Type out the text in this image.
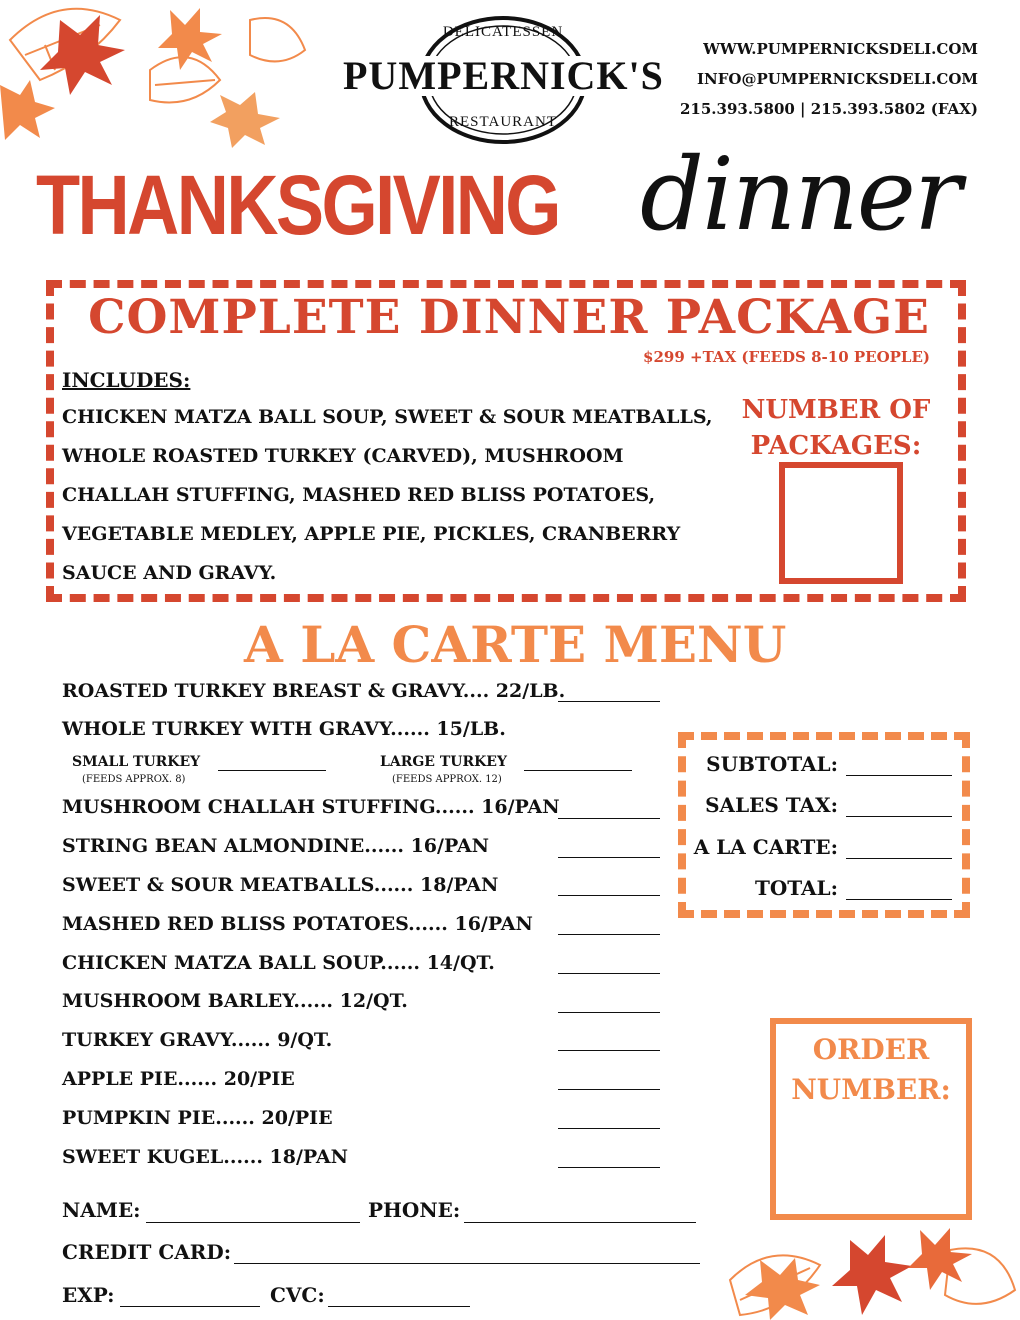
DELICATESSEN
PUMPERNICK'S
RESTAURANT
WWW.PUMPERNICKSDELI.COM
INFO@PUMPERNICKSDELI.COM
215.393.5800 | 215.393.5802 (FAX)
THANKSGIVING dinner
COMPLETE DINNER PACKAGE
$299 +TAX (FEEDS 8-10 PEOPLE)
INCLUDES:
CHICKEN MATZA BALL SOUP, SWEET & SOUR MEATBALLS, WHOLE ROASTED TURKEY (CARVED), MUSHROOM CHALLAH STUFFING, MASHED RED BLISS POTATOES, VEGETABLE MEDLEY, APPLE PIE, PICKLES, CRANBERRY SAUCE AND GRAVY.
NUMBER OF PACKAGES:
A LA CARTE MENU
ROASTED TURKEY BREAST & GRAVY.... 22/LB.
WHOLE TURKEY WITH GRAVY...... 15/LB.
SMALL TURKEY
(FEEDS APPROX. 8)
LARGE TURKEY
(FEEDS APPROX. 12)
MUSHROOM CHALLAH STUFFING...... 16/PAN
STRING BEAN ALMONDINE...... 16/PAN
SWEET & SOUR MEATBALLS...... 18/PAN
MASHED RED BLISS POTATOES...... 16/PAN
CHICKEN MATZA BALL SOUP...... 14/QT.
MUSHROOM BARLEY...... 12/QT.
TURKEY GRAVY...... 9/QT.
APPLE PIE...... 20/PIE
PUMPKIN PIE...... 20/PIE
SWEET KUGEL...... 18/PAN
SUBTOTAL:
SALES TAX:
A LA CARTE:
TOTAL:
ORDER NUMBER:
NAME:	PHONE:
CREDIT CARD:
EXP:	CVC:
